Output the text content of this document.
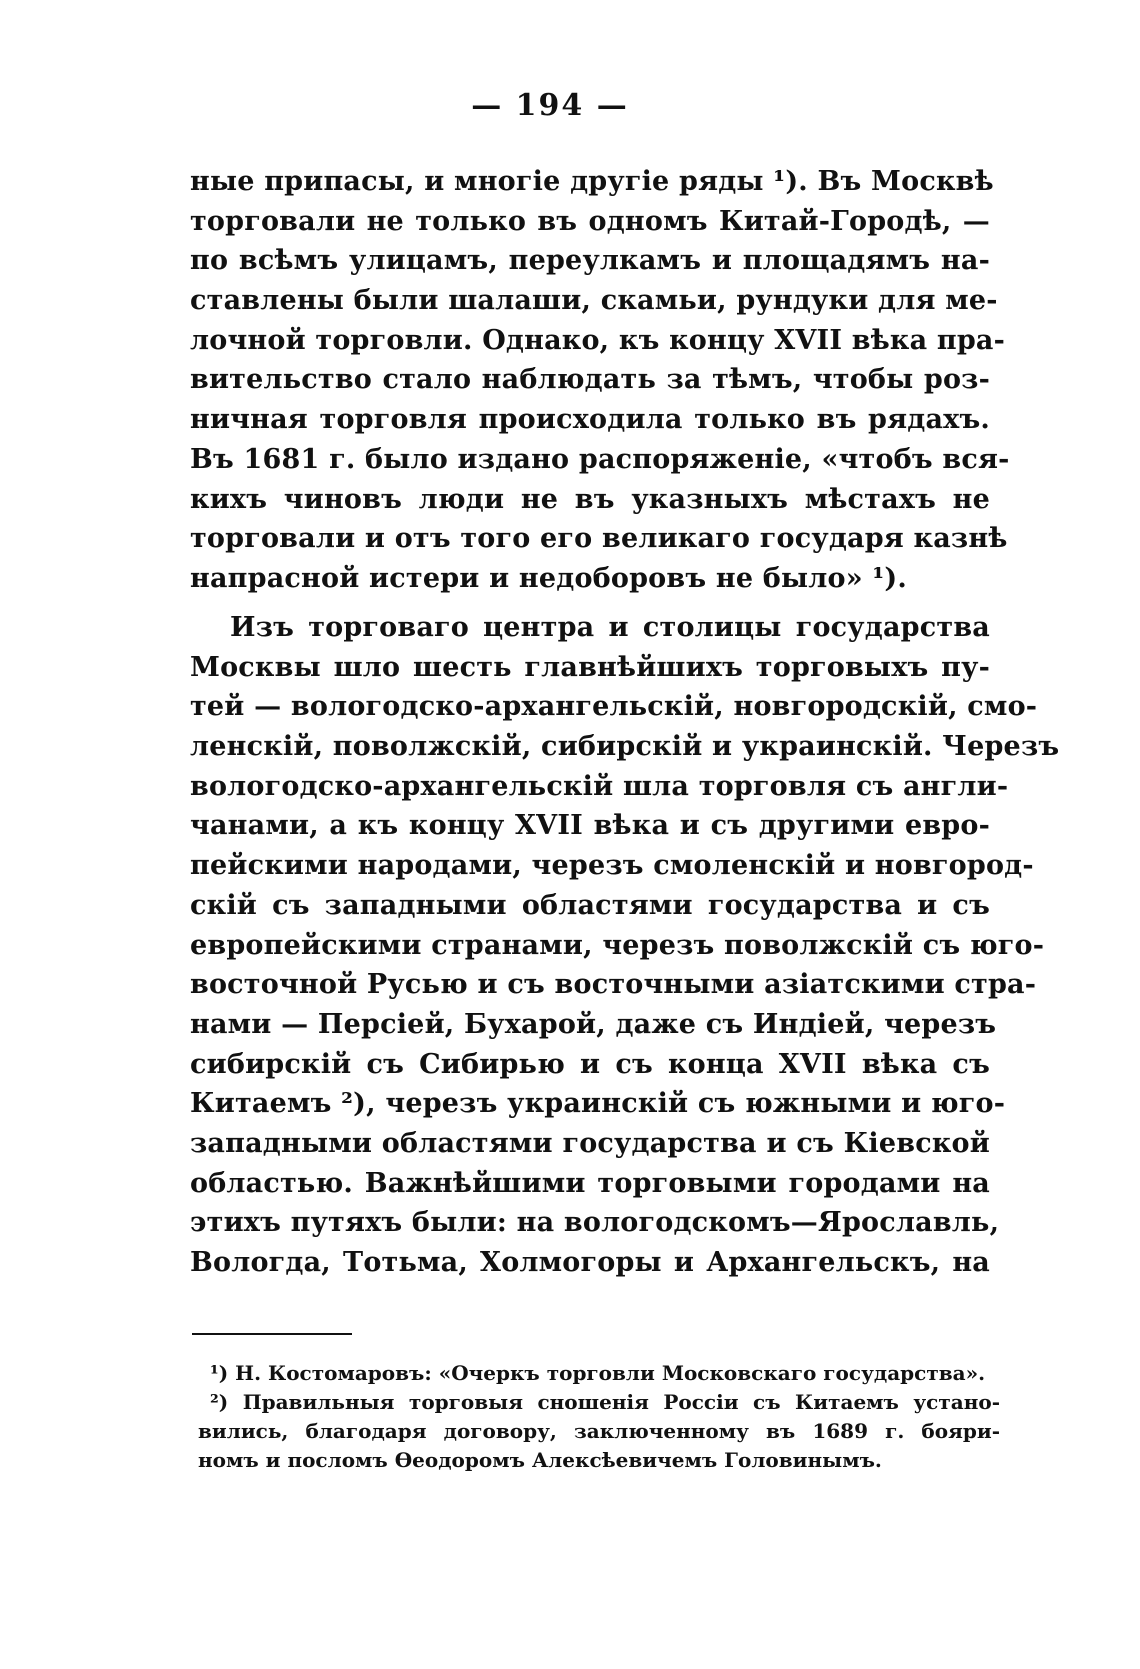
— 194 —
ные припасы, и многіе другіе ряды ¹). Въ Москвѣ
торговали не только въ одномъ Китай-Городѣ, —
по всѣмъ улицамъ, переулкамъ и площадямъ на-
ставлены были шалаши, скамьи, рундуки для ме-
лочной торговли. Однако, къ концу XVII вѣка пра-
вительство стало наблюдать за тѣмъ, чтобы роз-
ничная торговля происходила только въ рядахъ.
Въ 1681 г. было издано распоряженіе, «чтобъ вся-
кихъ чиновъ люди не въ указныхъ мѣстахъ не
торговали и отъ того его великаго государя казнѣ
напрасной истери и недоборовъ не было» ¹).
Изъ торговаго центра и столицы государства
Москвы шло шесть главнѣйшихъ торговыхъ пу-
тей — вологодско-архангельскій, новгородскій, смо-
ленскій, поволжскій, сибирскій и украинскій. Черезъ
вологодско-архангельскій шла торговля съ англи-
чанами, а къ концу XVII вѣка и съ другими евро-
пейскими народами, черезъ смоленскій и новгород-
скій съ западными областями государства и съ
европейскими странами, черезъ поволжскій съ юго-
восточной Русью и съ восточными азіатскими стра-
нами — Персіей, Бухарой, даже съ Индіей, черезъ
сибирскій съ Сибирью и съ конца XVII вѣка съ
Китаемъ ²), черезъ украинскій съ южными и юго-
западными областями государства и съ Кіевской
областью. Важнѣйшими торговыми городами на
этихъ путяхъ были: на вологодскомъ—Ярославль,
Вологда, Тотьма, Холмогоры и Архангельскъ, на
¹) Н. Костомаровъ: «Очеркъ торговли Московскаго государства».
²) Правильныя торговыя сношенія Россіи съ Китаемъ устано-
вились, благодаря договору, заключенному въ 1689 г. бояри-
номъ и посломъ Ѳеодоромъ Алексѣевичемъ Головинымъ.
